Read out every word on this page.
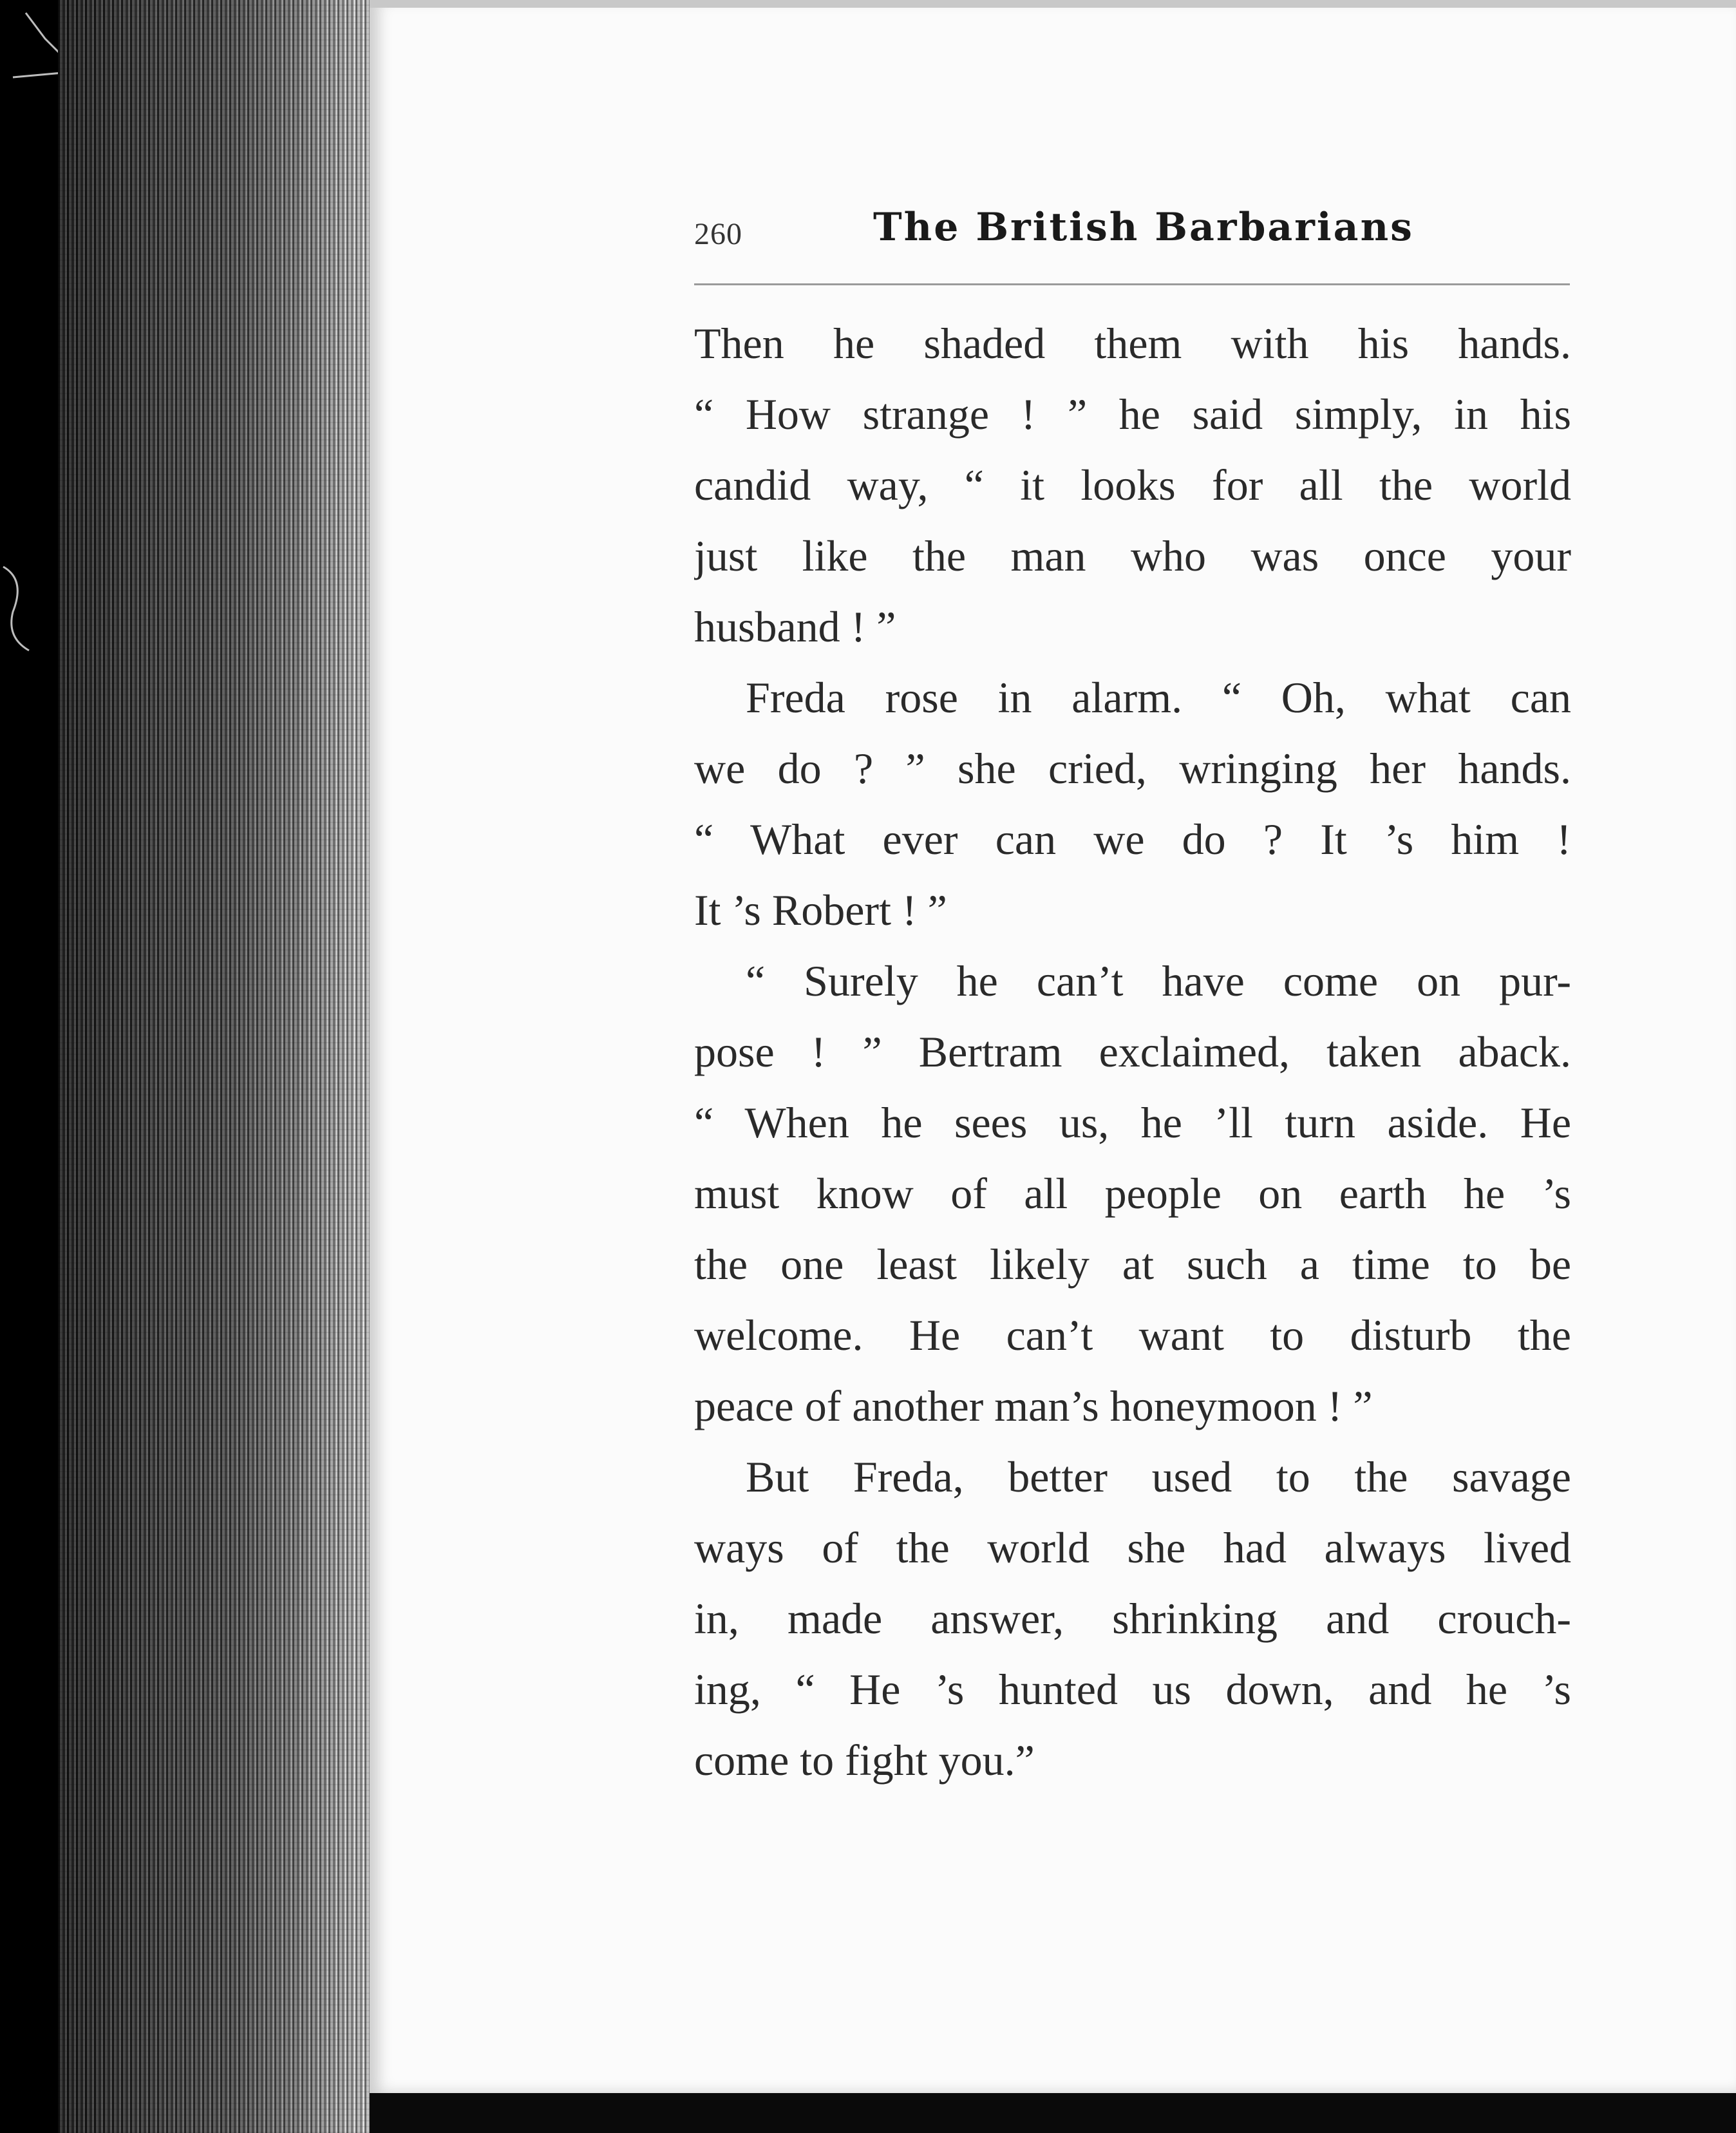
260	The British Barbarians
Then he shaded them with his hands.
“ How strange ! ” he said simply, in his
candid way, “ it looks for all the world
just like the man who was once your
husband ! ”
Freda rose in alarm. “ Oh, what can
we do ? ” she cried, wringing her hands.
“ What ever can we do ? It ’s him !
It ’s Robert ! ”
“ Surely he can’t have come on pur-
pose ! ” Bertram exclaimed, taken aback.
“ When he sees us, he ’ll turn aside. He
must know of all people on earth he ’s
the one least likely at such a time to be
welcome. He can’t want to disturb the
peace of another man’s honeymoon ! ”
But Freda, better used to the savage
ways of the world she had always lived
in, made answer, shrinking and crouch-
ing, “ He ’s hunted us down, and he ’s
come to fight you.”
